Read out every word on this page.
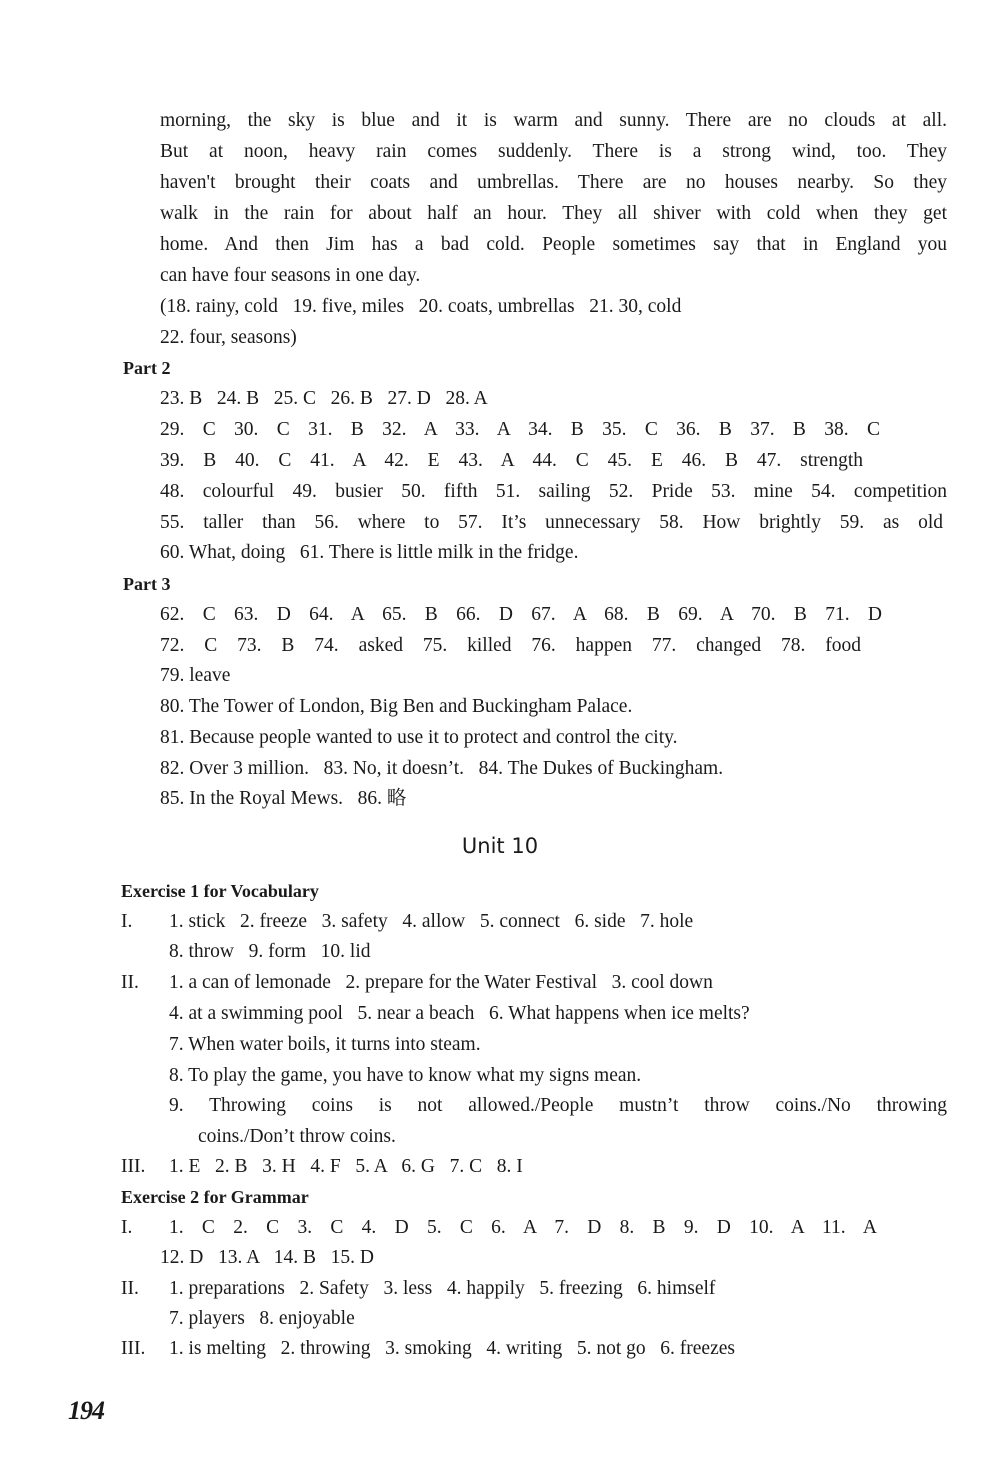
morning, the sky is blue and it is warm and sunny. There are no clouds at all.
But at noon, heavy rain comes suddenly. There is a strong wind, too. They
haven't brought their coats and umbrellas. There are no houses nearby. So they
walk in the rain for about half an hour. They all shiver with cold when they get
home. And then Jim has a bad cold. People sometimes say that in England you
can have four seasons in one day.
(18. rainy, cold   19. five, miles   20. coats, umbrellas   21. 30, cold
22. four, seasons)
Part 2
23. B   24. B   25. C   26. B   27. D   28. A
29. C 30. C 31. B 32. A 33. A 34. B 35. C 36. B 37. B 38. C
39. B 40. C 41. A 42. E 43. A 44. C 45. E 46. B 47. strength
48. colourful 49. busier 50. fifth 51. sailing 52. Pride 53. mine 54. competition
55. taller than 56. where to 57. It’s unnecessary 58. How brightly 59. as old
60. What, doing   61. There is little milk in the fridge.
Part 3
62. C 63. D 64. A 65. B 66. D 67. A 68. B 69. A 70. B 71. D
72. C 73. B 74. asked 75. killed 76. happen 77. changed 78. food
79. leave
80. The Tower of London, Big Ben and Buckingham Palace.
81. Because people wanted to use it to protect and control the city.
82. Over 3 million.   83. No, it doesn’t.   84. The Dukes of Buckingham.
85. In the Royal Mews.   86. 略
Unit 10
Exercise 1 for Vocabulary
I. 1. stick   2. freeze   3. safety   4. allow   5. connect   6. side   7. hole
8. throw   9. form   10. lid
II. 1. a can of lemonade   2. prepare for the Water Festival   3. cool down
4. at a swimming pool   5. near a beach   6. What happens when ice melts?
7. When water boils, it turns into steam.
8. To play the game, you have to know what my signs mean.
9. Throwing coins is not allowed./People mustn’t throw coins./No throwing
coins./Don’t throw coins.
III. 1. E   2. B   3. H   4. F   5. A   6. G   7. C   8. I
Exercise 2 for Grammar
I. 1. C 2. C 3. C 4. D 5. C 6. A 7. D 8. B 9. D 10. A 11. A
12. D   13. A   14. B   15. D
II. 1. preparations   2. Safety   3. less   4. happily   5. freezing   6. himself
7. players   8. enjoyable
III. 1. is melting   2. throwing   3. smoking   4. writing   5. not go   6. freezes
194
